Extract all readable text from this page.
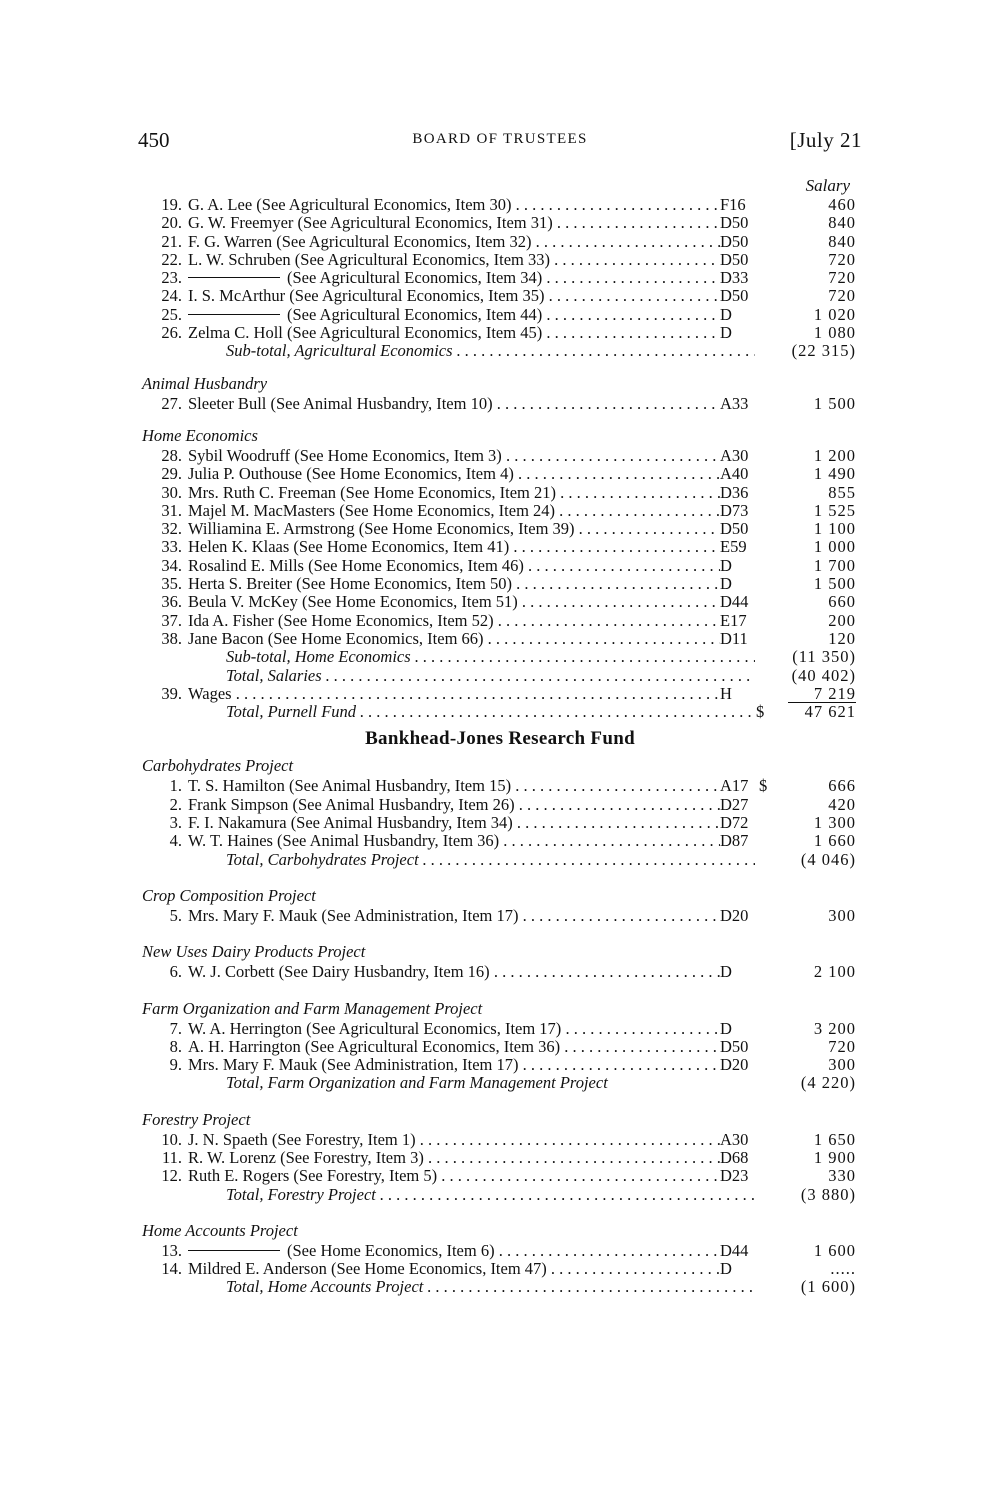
450	BOARD OF TRUSTEES	[July 21
Salary
19. G. A. Lee (See Agricultural Economics, Item 30) . . .	F16	460
20. G. W. Freemyer (See Agricultural Economics, Item 31) . . .	D50	840
21. F. G. Warren (See Agricultural Economics, Item 32) . . .	D50	840
22. L. W. Schruben (See Agricultural Economics, Item 33) . . .	D50	720
23.	(See Agricultural Economics, Item 34) . . .	D33	720
24. I. S. McArthur (See Agricultural Economics, Item 35) . . .	D50	720
25.	(See Agricultural Economics, Item 44) . . .	D	1 020
26. Zelma C. Holl (See Agricultural Economics, Item 45) . . .	D	1 080
Sub-total, Agricultural Economics . . .	(22 315)
Animal Husbandry
27. Sleeter Bull (See Animal Husbandry, Item 10) . . .	A33	1 500
Home Economics
28. Sybil Woodruff (See Home Economics, Item 3) . . .	A30	1 200
29. Julia P. Outhouse (See Home Economics, Item 4) . . .	A40	1 490
30. Mrs. Ruth C. Freeman (See Home Economics, Item 21) . . .	D36	855
31. Majel M. MacMasters (See Home Economics, Item 24) . . .	D73	1 525
32. Williamina E. Armstrong (See Home Economics, Item 39) . . .	D50	1 100
33. Helen K. Klaas (See Home Economics, Item 41) . . .	E59	1 000
34. Rosalind E. Mills (See Home Economics, Item 46) . . .	D	1 700
35. Herta S. Breiter (See Home Economics, Item 50) . . .	D	1 500
36. Beula V. McKey (See Home Economics, Item 51) . . .	D44	660
37. Ida A. Fisher (See Home Economics, Item 52) . . .	E17	200
38. Jane Bacon (See Home Economics, Item 66) . . .	D11	120
Sub-total, Home Economics . . .	(11 350)
Total, Salaries . . .	(40 402)
39. Wages . . .	H	7 219
Total, Purnell Fund . . .	$	47 621
Bankhead-Jones Research Fund
Carbohydrates Project
1. T. S. Hamilton (See Animal Husbandry, Item 15) . . .	A17 $	666
2. Frank Simpson (See Animal Husbandry, Item 26) . . .	D27	420
3. F. I. Nakamura (See Animal Husbandry, Item 34) . . .	D72	1 300
4. W. T. Haines (See Animal Husbandry, Item 36) . . .	D87	1 660
Total, Carbohydrates Project . . .	(4 046)
Crop Composition Project
5. Mrs. Mary F. Mauk (See Administration, Item 17) . . .	D20	300
New Uses Dairy Products Project
6. W. J. Corbett (See Dairy Husbandry, Item 16) . . .	D	2 100
Farm Organization and Farm Management Project
7. W. A. Herrington (See Agricultural Economics, Item 17) . . .	D	3 200
8. A. H. Harrington (See Agricultural Economics, Item 36) . . .	D50	720
9. Mrs. Mary F. Mauk (See Administration, Item 17) . . .	D20	300
Total, Farm Organization and Farm Management Project	(4 220)
Forestry Project
10. J. N. Spaeth (See Forestry, Item 1) . . .	A30	1 650
11. R. W. Lorenz (See Forestry, Item 3) . . .	D68	1 900
12. Ruth E. Rogers (See Forestry, Item 5) . . .	D23	330
Total, Forestry Project . . .	(3 880)
Home Accounts Project
13.	(See Home Economics, Item 6) . . .	D44	1 600
14. Mildred E. Anderson (See Home Economics, Item 47) . . .	D	.....
Total, Home Accounts Project . . .	(1 600)
